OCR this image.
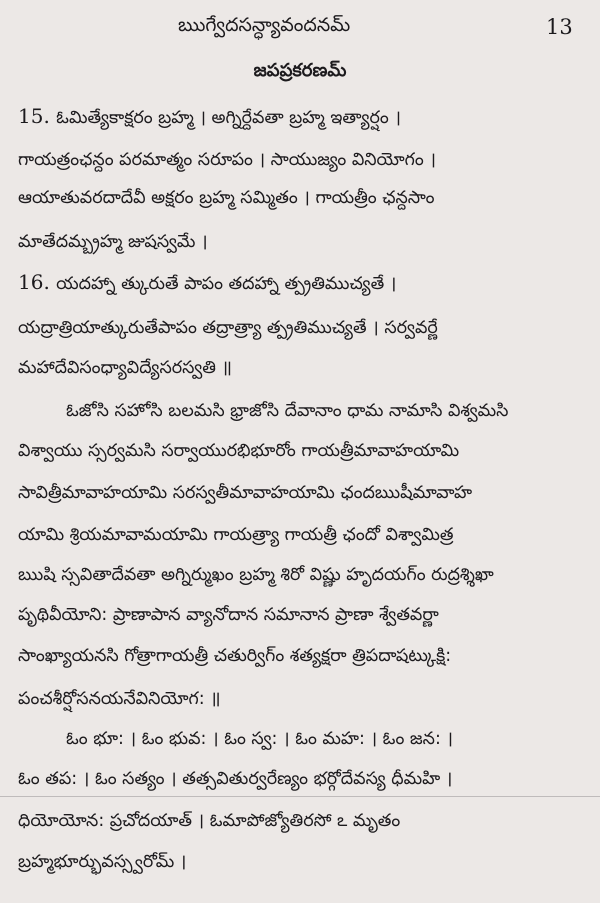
ఋగ్వేదసన్ధ్యావందనమ్	13
జపప్రకరణమ్
15. ఓమిత్యేకాక్షరం బ్రహ్మ । అగ్నిర్దేవతా బ్రహ్మ ఇత్యార్షం ।
గాయత్రంఛన్దం పరమాత్మం సరూపం । సాయుజ్యం వినియోగం ।
ఆయాతువరదాదేవీ అక్షరం బ్రహ్మ సమ్మితం । గాయత్రీం ఛన్దసాం
మాతేదమ్బ్రహ్మ జుషస్వమే ।
16. యదహ్నా త్కురుతే పాపం తదహ్నా త్ప్రతిముచ్యతే ।
యద్రాత్రియాత్కురుతేపాపం తద్రాత్ర్యా త్ప్రతిముచ్యతే । సర్వవర్ణే
మహాదేవిసంధ్యావిద్యేసరస్వతి ॥
ఓజోసి సహోసి బలమసి భ్రాజోసి దేవానాం ధామ నామాసి విశ్వమసి
విశ్వాయు స్సర్వమసి సర్వాయురభిభూరోం గాయత్రీమావాహయామి
సావిత్రీమావాహయామి సరస్వతీమావాహయామి ఛందఋషీమావాహ
యామి శ్రియమావామయామి గాయత్ర్యా గాయత్రీ ఛందో విశ్వామిత్ర
ఋషి స్సవితాదేవతా అగ్నిర్ముఖం బ్రహ్మ శిరో విష్ణు హృదయగ్ం రుద్రశ్శిఖా
పృథివీయోని: ప్రాణాపాన వ్యానోదాన సమానాన ప్రాణా శ్వేతవర్ణా
సాంఖ్యాయనసి గోత్రాగాయత్రీ చతుర్విగ్ం శత్యక్షరా త్రిపదాషట్కుక్షి:
పంచశీర్షోసనయనేవినియోగ: ॥
ఓం భూ: । ఓం భువ: । ఓం స్వ: । ఓం మహ: । ఓం జన: ।
ఓం తప: । ఓం సత్యం । తత్సవితుర్వరేణ్యం భర్గోదేవస్య ధీమహి ।
ధియోయోన: ప్రచోదయాత్ । ఓమాపోజ్యోతిరసో ఽ మృతం
బ్రహ్మభూర్భువస్స్వరోమ్ ।
